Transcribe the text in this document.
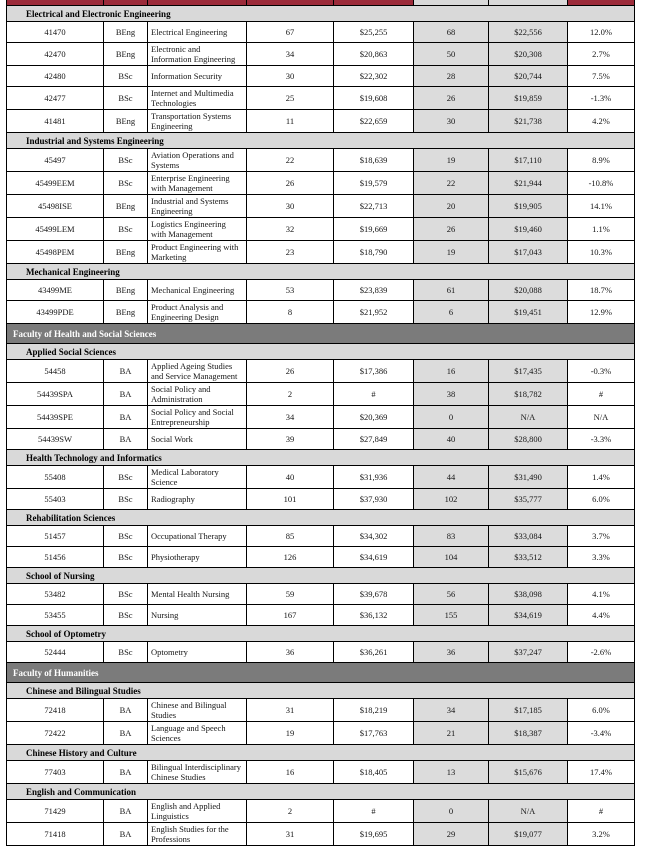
Electrical and Electronic Engineering							
41470	BEng	Electrical Engineering	67	$25,255	68	$22,556	12.0%
42470	BEng	Electronic and Information Engineering	34	$20,863	50	$20,308	2.7%
42480	BSc	Information Security	30	$22,302	28	$20,744	7.5%
42477	BSc	Internet and Multimedia Technologies	25	$19,608	26	$19,859	-1.3%
41481	BEng	Transportation Systems Engineering	11	$22,659	30	$21,738	4.2%
Industrial and Systems Engineering							
45497	BSc	Aviation Operations and Systems	22	$18,639	19	$17,110	8.9%
45499EEM	BSc	Enterprise Engineering with Management	26	$19,579	22	$21,944	-10.8%
45498ISE	BEng	Industrial and Systems Engineering	30	$22,713	20	$19,905	14.1%
45499LEM	BSc	Logistics Engineering with Management	32	$19,669	26	$19,460	1.1%
45498PEM	BEng	Product Engineering with Marketing	23	$18,790	19	$17,043	10.3%
Mechanical Engineering							
43499ME	BEng	Mechanical Engineering	53	$23,839	61	$20,088	18.7%
43499PDE	BEng	Product Analysis and Engineering Design	8	$21,952	6	$19,451	12.9%
Faculty of Health and Social Sciences							
Applied Social Sciences							
54458	BA	Applied Ageing Studies and Service Management	26	$17,386	16	$17,435	-0.3%
54439SPA	BA	Social Policy and Administration	2	#	38	$18,782	#
54439SPE	BA	Social Policy and Social Entrepreneurship	34	$20,369	0	N/A	N/A
54439SW	BA	Social Work	39	$27,849	40	$28,800	-3.3%
Health Technology and Informatics							
55408	BSc	Medical Laboratory Science	40	$31,936	44	$31,490	1.4%
55403	BSc	Radiography	101	$37,930	102	$35,777	6.0%
Rehabilitation Sciences							
51457	BSc	Occupational Therapy	85	$34,302	83	$33,084	3.7%
51456	BSc	Physiotherapy	126	$34,619	104	$33,512	3.3%
School of Nursing							
53482	BSc	Mental Health Nursing	59	$39,678	56	$38,098	4.1%
53455	BSc	Nursing	167	$36,132	155	$34,619	4.4%
School of Optometry							
52444	BSc	Optometry	36	$36,261	36	$37,247	-2.6%
Faculty of Humanities							
Chinese and Bilingual Studies							
72418	BA	Chinese and Bilingual Studies	31	$18,219	34	$17,185	6.0%
72422	BA	Language and Speech Sciences	19	$17,763	21	$18,387	-3.4%
Chinese History and Culture							
77403	BA	Bilingual Interdisciplinary Chinese Studies	16	$18,405	13	$15,676	17.4%
English and Communication							
71429	BA	English and Applied Linguistics	2	#	0	N/A	#
71418	BA	English Studies for the Professions	31	$19,695	29	$19,077	3.2%
